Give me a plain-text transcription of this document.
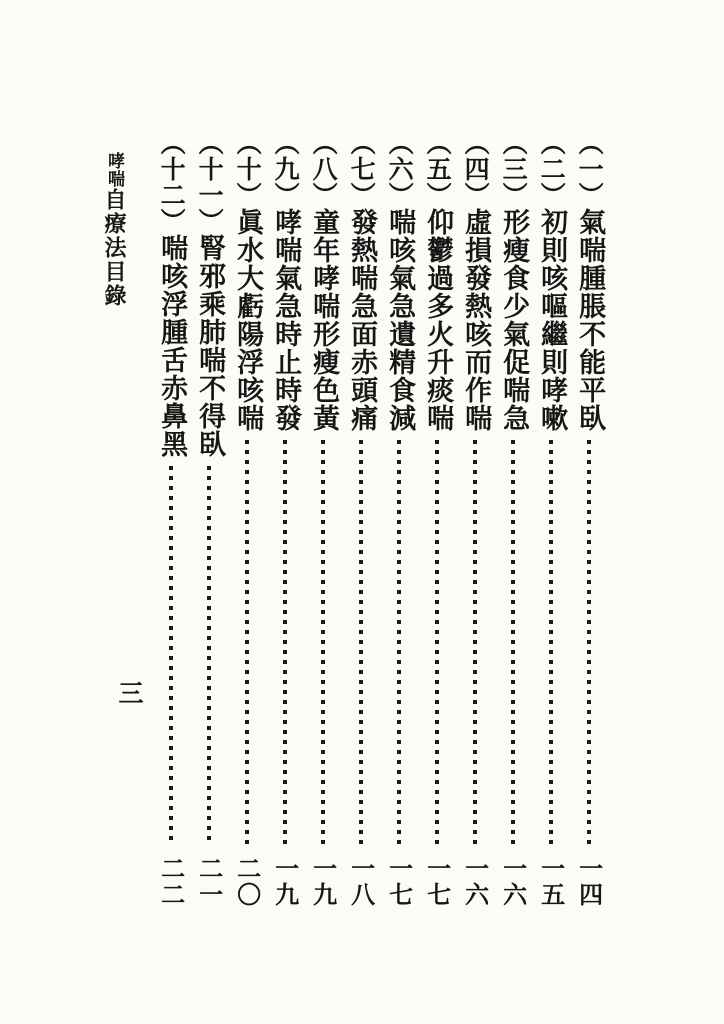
（一）氣喘腫脹不能平臥
一四
（二）初則咳嘔繼則哮嗽
一五
（三）形瘦食少氣促喘急
一六
（四）虛損發熱咳而作喘
一六
（五）仰鬱過多火升痰喘
一七
（六）喘咳氣急遺精食減
一七
（七）發熱喘急面赤頭痛
一八
（八）童年哮喘形瘦色黃
一九
（九）哮喘氣急時止時發
一九
（十）眞水大虧陽浮咳喘
二〇
（十一）腎邪乘肺喘不得臥
二一
（十二）喘咳浮腫舌赤鼻黑
二二
哮喘自療法目錄
三
